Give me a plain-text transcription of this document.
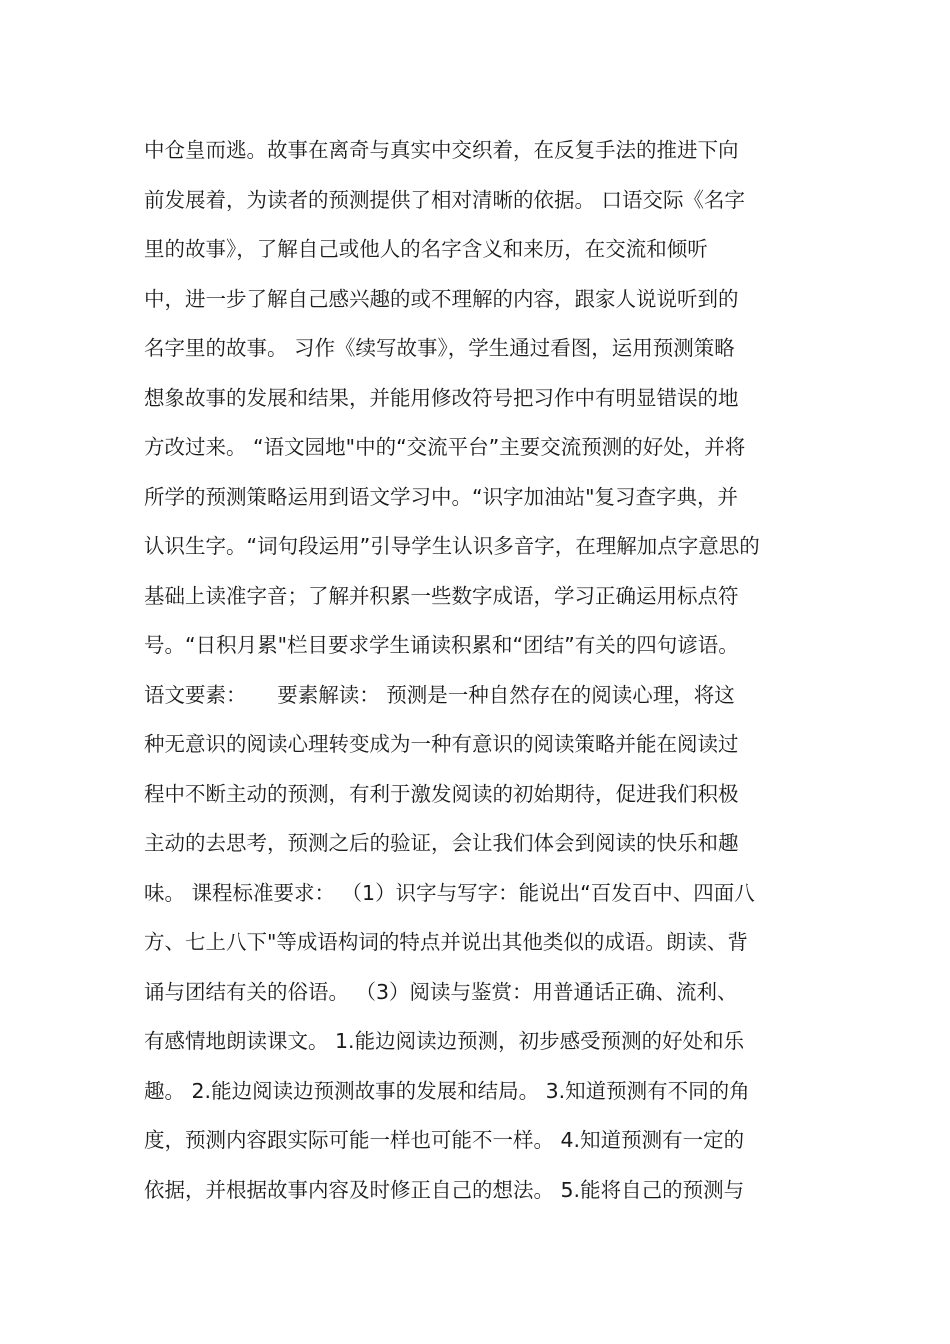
中仓皇而逃。故事在离奇与真实中交织着，在反复手法的推进下向
前发展着，为读者的预测提供了相对清晰的依据。 口语交际《名字
里的故事》，了解自己或他人的名字含义和来历，在交流和倾听
中，进一步了解自己感兴趣的或不理解的内容，跟家人说说听到的
名字里的故事。 习作《续写故事》，学生通过看图，运用预测策略
想象故事的发展和结果，并能用修改符号把习作中有明显错误的地
方改过来。 “语文园地"中的“交流平台”主要交流预测的好处，并将
所学的预测策略运用到语文学习中。“识字加油站"复习查字典，并
认识生字。“词句段运用”引导学生认识多音字，在理解加点字意思的
基础上读准字音；了解并积累一些数字成语，学习正确运用标点符
号。“日积月累"栏目要求学生诵读积累和“团结”有关的四句谚语。
语文要素：　　要素解读： 预测是一种自然存在的阅读心理，将这
种无意识的阅读心理转变成为一种有意识的阅读策略并能在阅读过
程中不断主动的预测，有利于激发阅读的初始期待，促进我们积极
主动的去思考，预测之后的验证，会让我们体会到阅读的快乐和趣
味。 课程标准要求： （1）识字与写字：能说出“百发百中、四面八
方、七上八下"等成语构词的特点并说出其他类似的成语。朗读、背
诵与团结有关的俗语。 （3）阅读与鉴赏：用普通话正确、流利、
有感情地朗读课文。 1.能边阅读边预测，初步感受预测的好处和乐
趣。 2.能边阅读边预测故事的发展和结局。 3.知道预测有不同的角
度，预测内容跟实际可能一样也可能不一样。 4.知道预测有一定的
依据，并根据故事内容及时修正自己的想法。 5.能将自己的预测与
